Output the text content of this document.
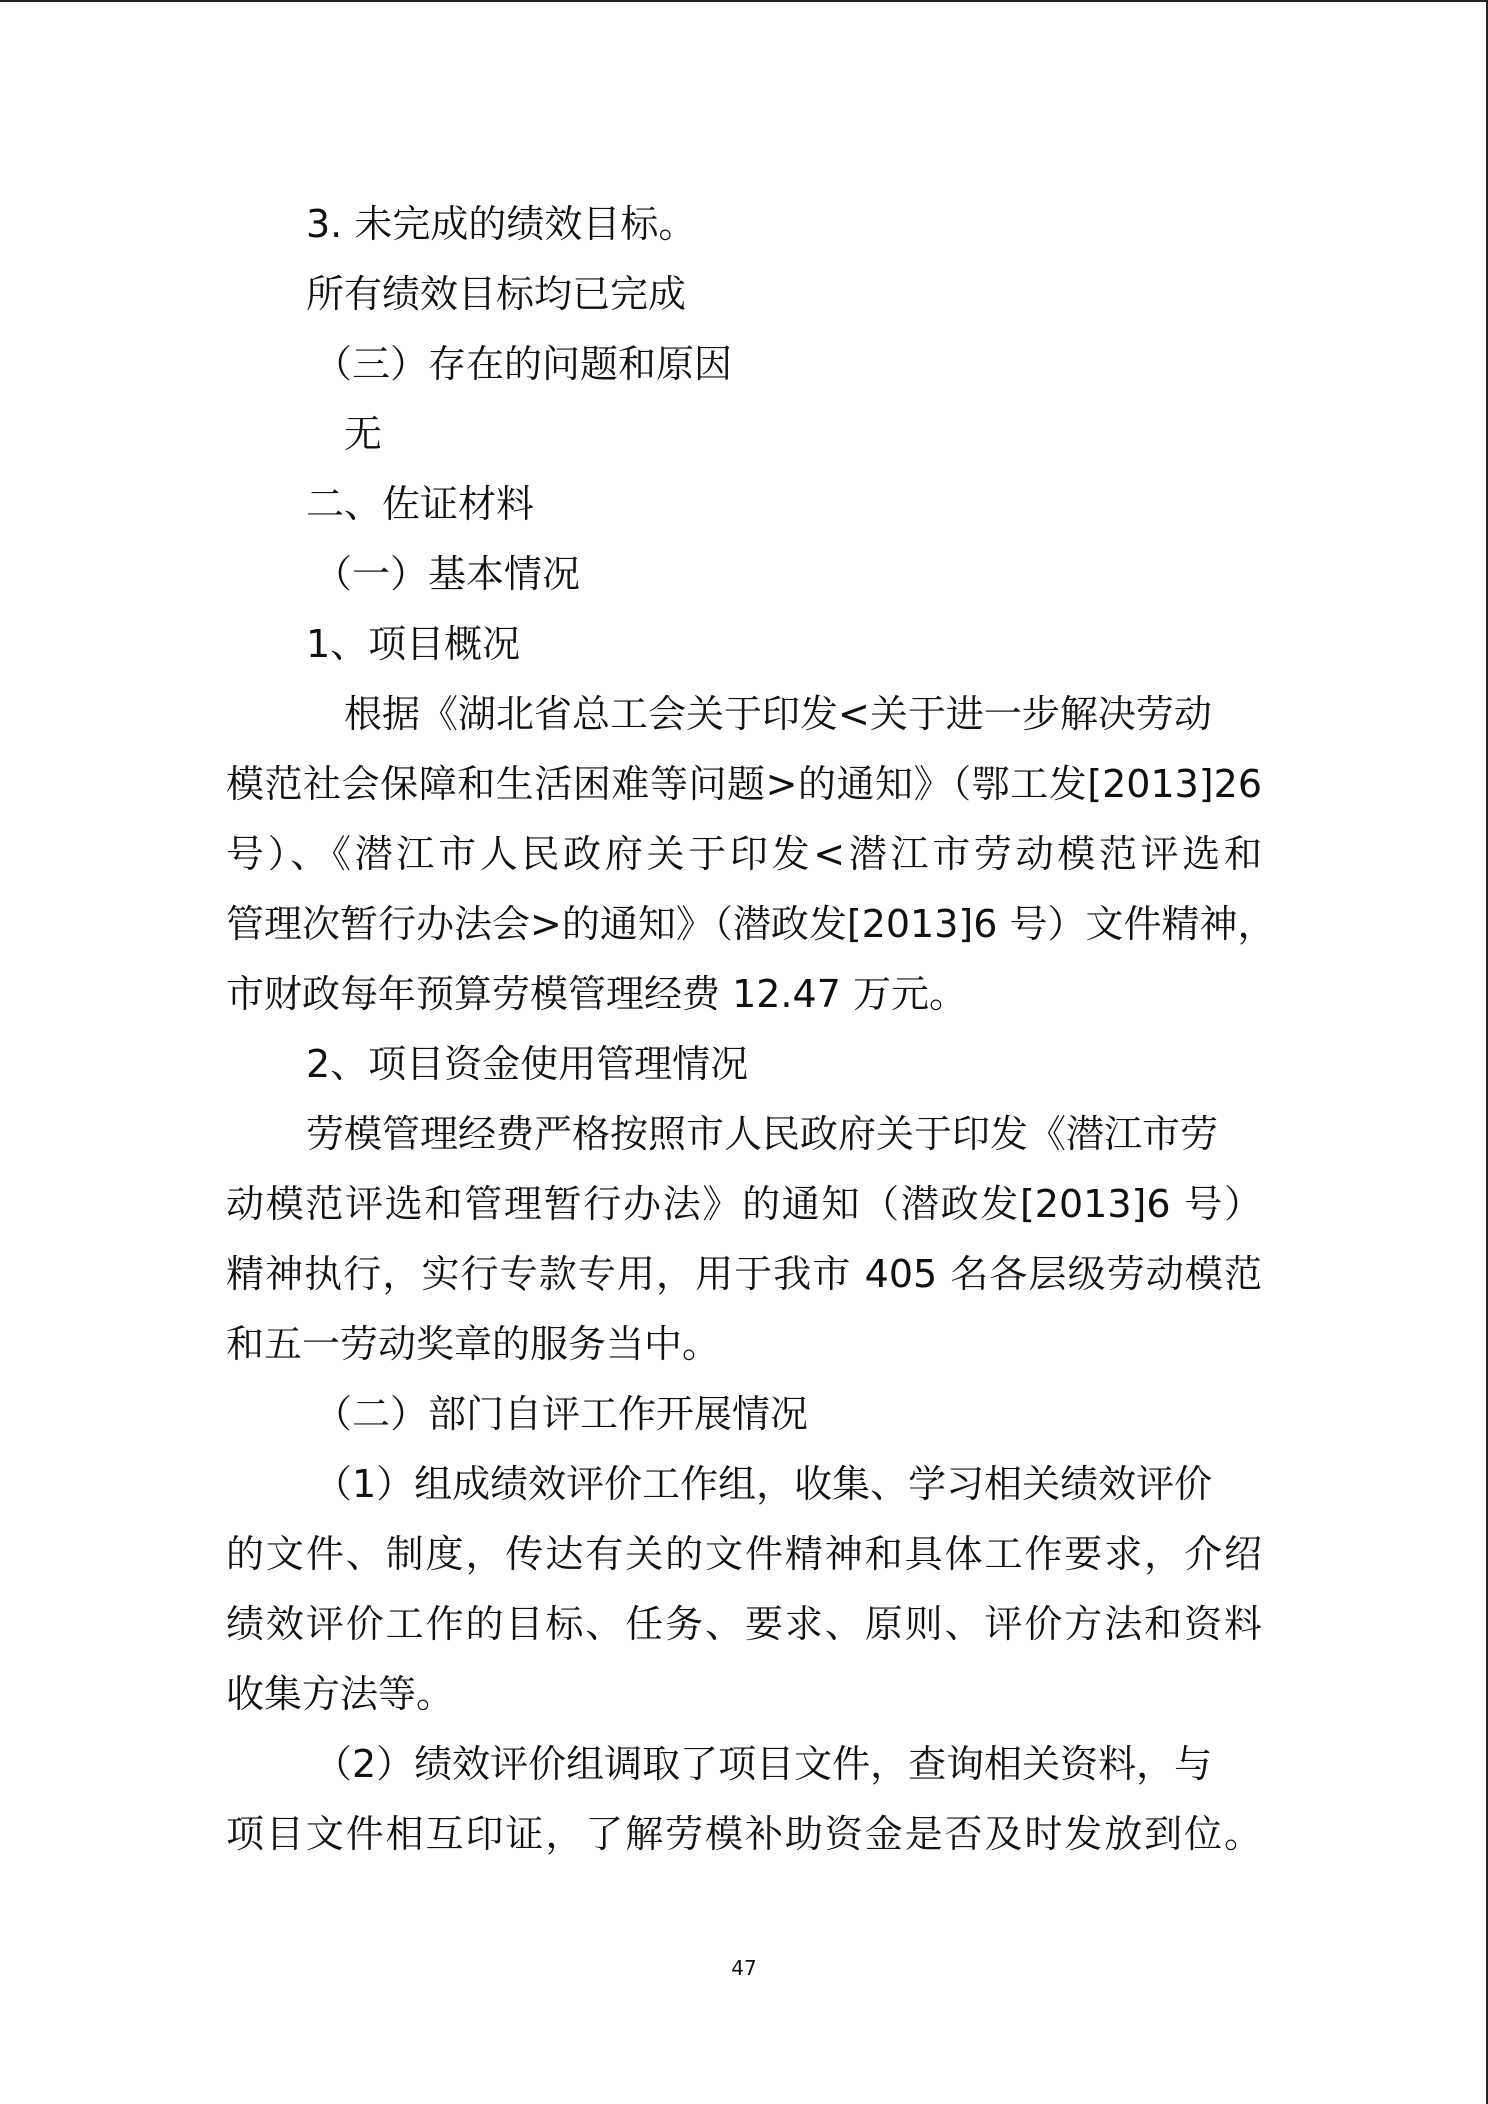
3. 未完成的绩效目标。

所有绩效目标均已完成

（三）存在的问题和原因

无

二、佐证材料

（一）基本情况

1、项目概况

根据《湖北省总工会关于印发<关于进一步解决劳动

模范社会保障和生活困难等问题>的通知》（鄂工发[2013]26

号）、《潜江市人民政府关于印发<潜江市劳动模范评选和

管理次暂行办法会>的通知》（潜政发[2013]6 号）文件精神，

市财政每年预算劳模管理经费 12.47 万元。

2、项目资金使用管理情况

劳模管理经费严格按照市人民政府关于印发《潜江市劳

动模范评选和管理暂行办法》的通知（潜政发[2013]6 号）

精神执行，实行专款专用，用于我市 405 名各层级劳动模范

和五一劳动奖章的服务当中。

（二）部门自评工作开展情况

（1）组成绩效评价工作组，收集、学习相关绩效评价

的文件、制度，传达有关的文件精神和具体工作要求，介绍

绩效评价工作的目标、任务、要求、原则、评价方法和资料

收集方法等。

（2）绩效评价组调取了项目文件，查询相关资料，与

项目文件相互印证，了解劳模补助资金是否及时发放到位。

47
